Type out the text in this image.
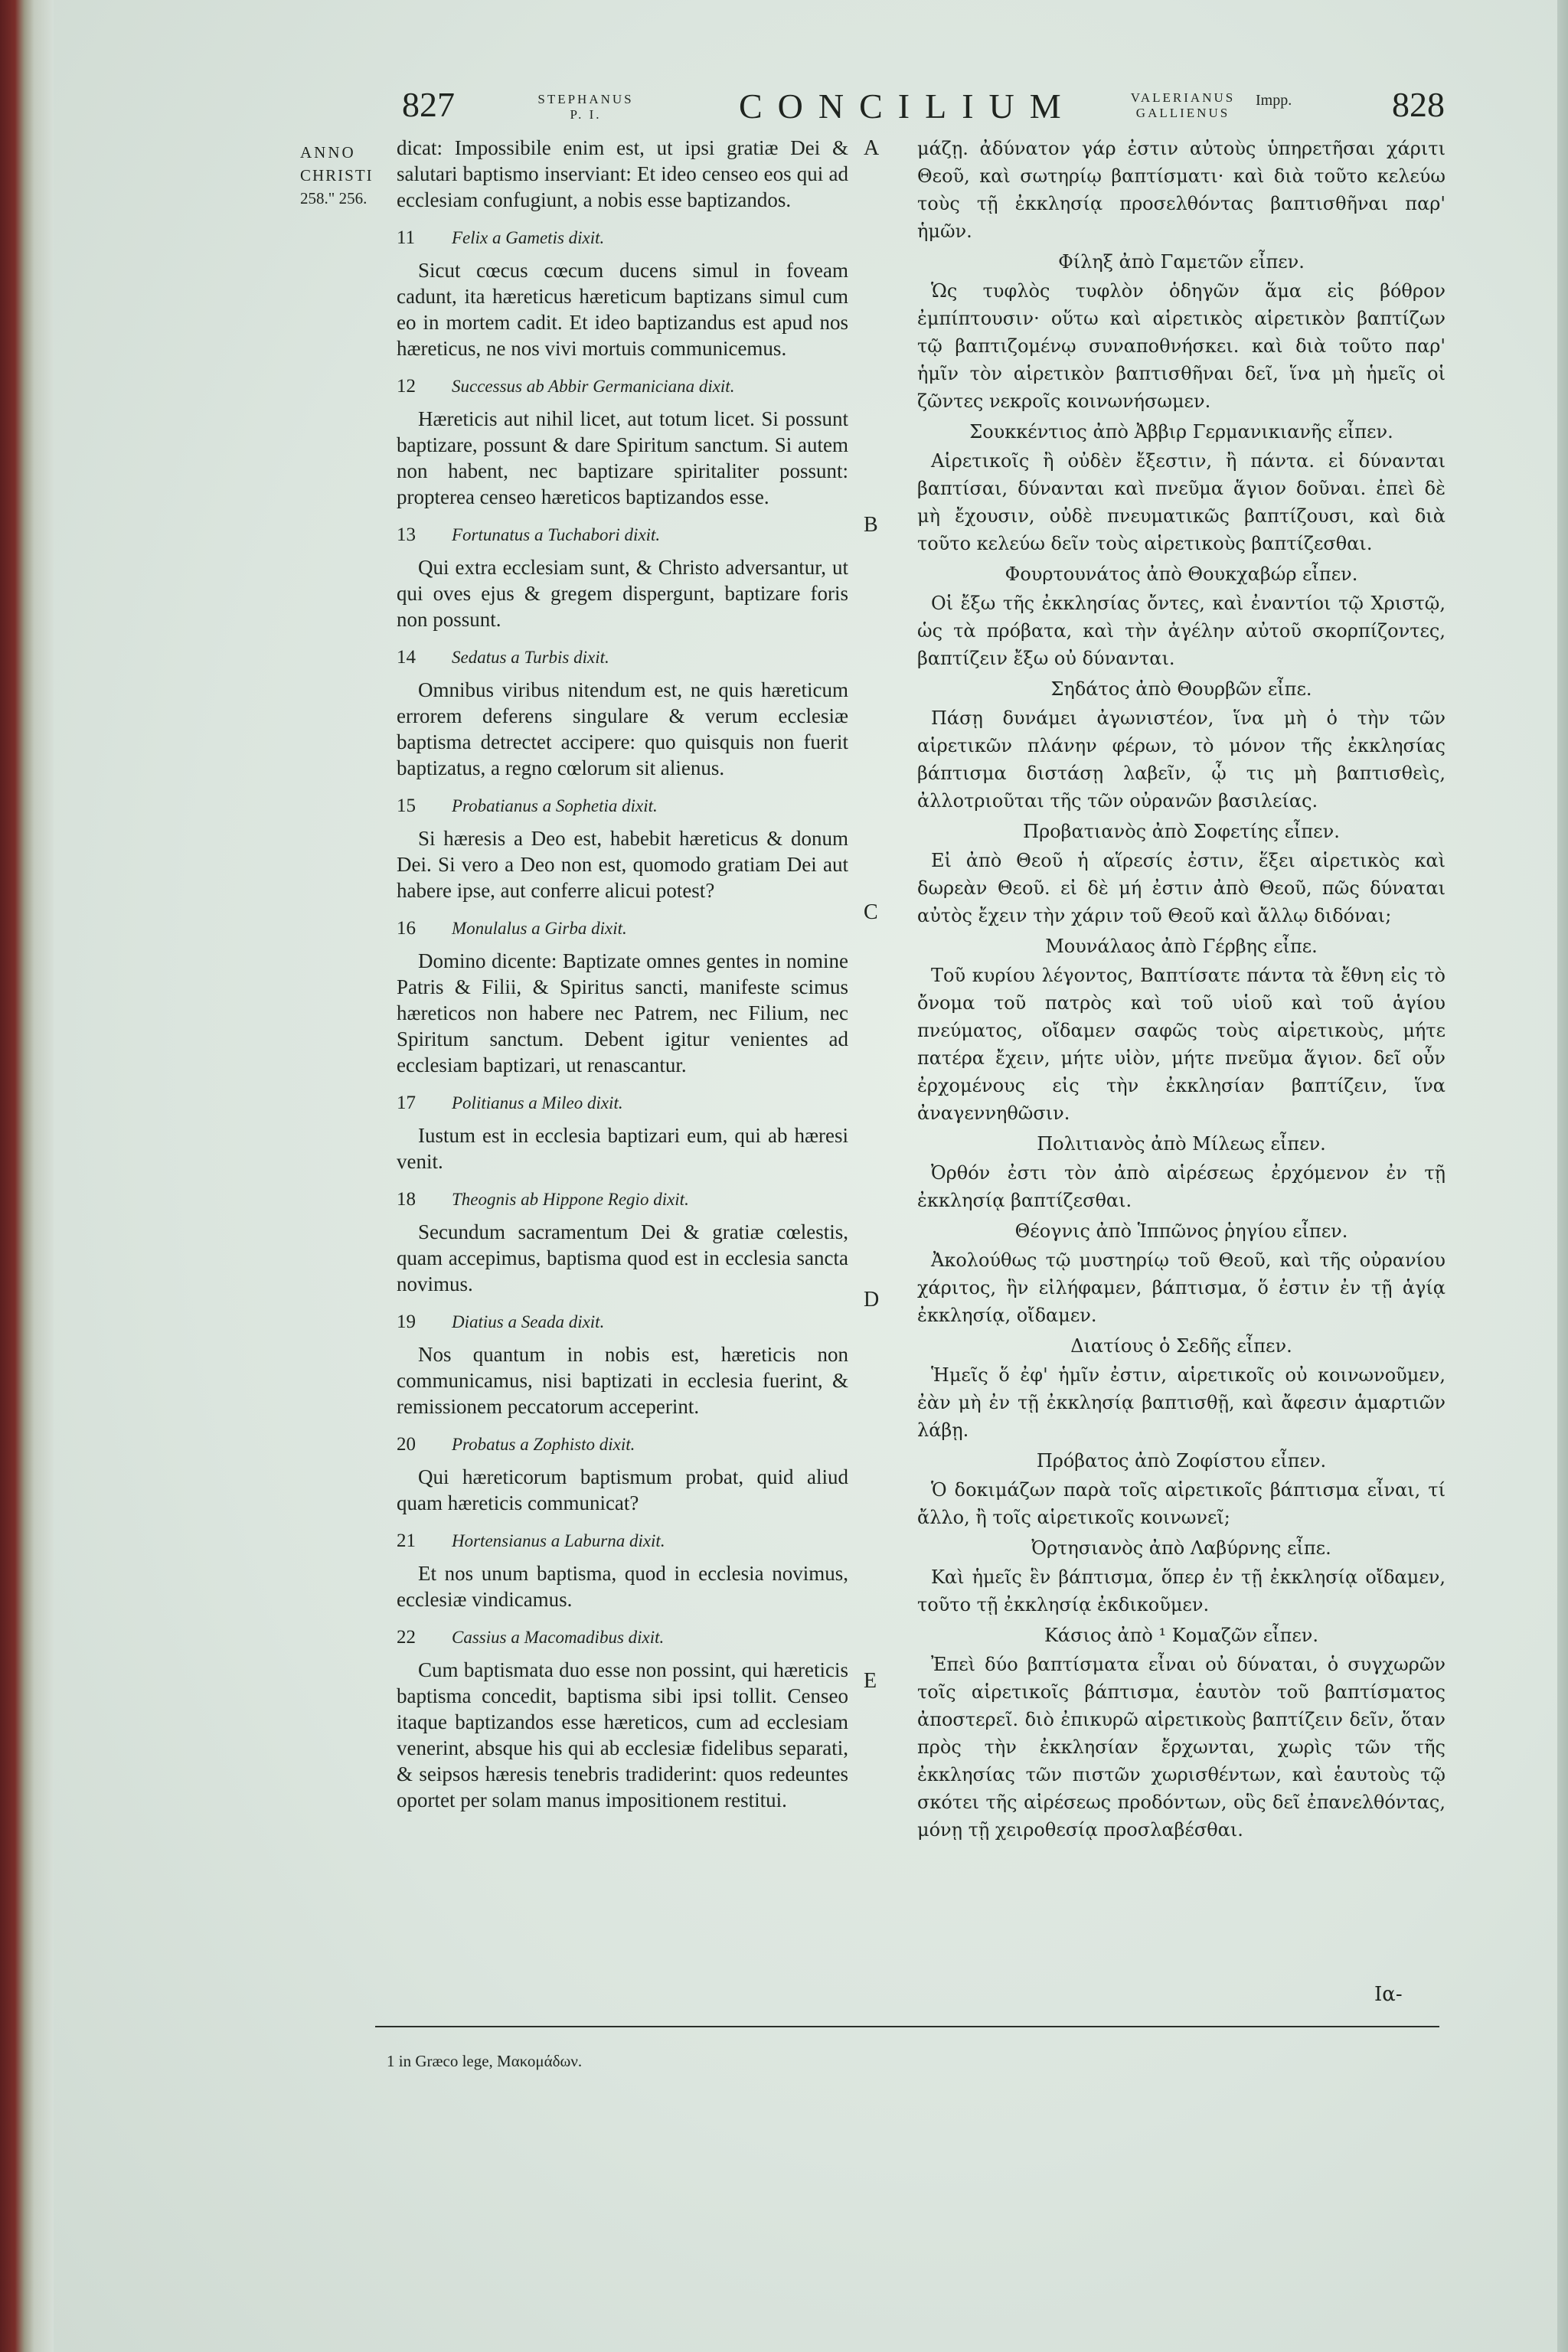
827	STEPHANUS P. I.	CONCILIUM	VALERIANUS GALLIENUS
Impp.	828
ANNO
CHRISTI
258." 256.

dicat: Impossibile enim est, ut ipsi gratiæ Dei & salutari baptismo inserviant: Et ideo censeo eos qui ad ecclesiam confugiunt, a nobis esse baptizandos.

11	Felix a Gametis dixit.

Sicut cœcus cœcum ducens simul in foveam cadunt, ita hæreticus hæreticum baptizans simul cum eo in mortem cadit. Et ideo baptizandus est apud nos hæreticus, ne nos vivi mortuis communicemus.

12	Successus ab Abbir Germaniciana dixit.

Hæreticis aut nihil licet, aut totum licet. Si possunt baptizare, possunt & dare Spiritum sanctum. Si autem non habent, nec baptizare spiritaliter possunt: propterea censeo hæreticos baptizandos esse.

13	Fortunatus a Tuchabori dixit.

Qui extra ecclesiam sunt, & Christo adversantur, ut qui oves ejus & gregem dispergunt, baptizare foris non possunt.

14	Sedatus a Turbis dixit.

Omnibus viribus nitendum est, ne quis hæreticum errorem deferens singulare & verum ecclesiæ baptisma detrectet accipere: quo quisquis non fuerit baptizatus, a regno cœlorum sit alienus.

15	Probatianus a Sophetia dixit.

Si hæresis a Deo est, habebit hæreticus & donum Dei. Si vero a Deo non est, quomodo gratiam Dei aut habere ipse, aut conferre alicui potest?

16	Monulalus a Girba dixit.

Domino dicente: Baptizate omnes gentes in nomine Patris & Filii, & Spiritus sancti, manifeste scimus hæreticos non habere nec Patrem, nec Filium, nec Spiritum sanctum. Debent igitur venientes ad ecclesiam baptizari, ut renascantur.

17	Politianus a Mileo dixit.

Iustum est in ecclesia baptizari eum, qui ab hæresi venit.

18	Theognis ab Hippone Regio dixit.

Secundum sacramentum Dei & gratiæ cœlestis, quam accepimus, baptisma quod est in ecclesia sancta novimus.

19	Diatius a Seada dixit.

Nos quantum in nobis est, hæreticis non communicamus, nisi baptizati in ecclesia fuerint, & remissionem peccatorum acceperint.

20	Probatus a Zophisto dixit.

Qui hæreticorum baptismum probat, quid aliud quam hæreticis communicat?

21	Hortensianus a Laburna dixit.

Et nos unum baptisma, quod in ecclesia novimus, ecclesiæ vindicamus.

22	Cassius a Macomadibus dixit.

Cum baptismata duo esse non possint, qui hæreticis baptisma concedit, baptisma sibi ipsi tollit. Censeo itaque baptizandos esse hæreticos, cum ad ecclesiam venerint, absque his qui ab ecclesiæ fidelibus separati, & seipsos hæresis tenebris tradiderint: quos redeuntes oportet per solam manus impositionem restitui.

A
B
C
D
E

μάζῃ. ἀδύνατον γάρ ἐστιν αὐτοὺς ὑπηρετῆσαι χάριτι Θεοῦ, καὶ σωτηρίῳ βαπτίσματι· καὶ διὰ τοῦτο κελεύω τοὺς τῇ ἐκκλησίᾳ προσελθόντας βαπτισθῆναι παρ' ἡμῶν.

Φίληξ ἀπὸ Γαμετῶν εἶπεν.

Ὡς τυφλὸς τυφλὸν ὁδηγῶν ἅμα εἰς βόθρον ἐμπίπτουσιν· οὕτω καὶ αἱρετικὸς αἱρετικὸν βαπτίζων τῷ βαπτιζομένῳ συναποθνήσκει. καὶ διὰ τοῦτο παρ' ἡμῖν τὸν αἱρετικὸν βαπτισθῆναι δεῖ, ἵνα μὴ ἡμεῖς οἱ ζῶντες νεκροῖς κοινωνήσωμεν.

Σουκκέντιος ἀπὸ Ἀββιρ Γερμανικιανῆς εἶπεν.

Αἱρετικοῖς ἢ οὐδὲν ἔξεστιν, ἢ πάντα. εἰ δύνανται βαπτίσαι, δύνανται καὶ πνεῦμα ἅγιον δοῦναι. ἐπεὶ δὲ μὴ ἔχουσιν, οὐδὲ πνευματικῶς βαπτίζουσι, καὶ διὰ τοῦτο κελεύω δεῖν τοὺς αἱρετικοὺς βαπτίζεσθαι.

Φουρτουνάτος ἀπὸ Θουκχαβώρ εἶπεν.

Οἱ ἔξω τῆς ἐκκλησίας ὄντες, καὶ ἐναντίοι τῷ Χριστῷ, ὡς τὰ πρόβατα, καὶ τὴν ἀγέλην αὐτοῦ σκορπίζοντες, βαπτίζειν ἔξω οὐ δύνανται.

Σηδάτος ἀπὸ Θουρβῶν εἶπε.

Πάσῃ δυνάμει ἀγωνιστέον, ἵνα μὴ ὁ τὴν τῶν αἱρετικῶν πλάνην φέρων, τὸ μόνον τῆς ἐκκλησίας βάπτισμα διστάσῃ λαβεῖν, ᾧ τις μὴ βαπτισθεὶς, ἀλλοτριοῦται τῆς τῶν οὐρανῶν βασιλείας.

Προβατιανὸς ἀπὸ Σοφετίης εἶπεν.

Εἰ ἀπὸ Θεοῦ ἡ αἵρεσίς ἐστιν, ἕξει αἱρετικὸς καὶ δωρεὰν Θεοῦ. εἰ δὲ μή ἐστιν ἀπὸ Θεοῦ, πῶς δύναται αὐτὸς ἔχειν τὴν χάριν τοῦ Θεοῦ καὶ ἄλλῳ διδόναι;

Μουνάλαος ἀπὸ Γέρβης εἶπε.

Τοῦ κυρίου λέγοντος, Βαπτίσατε πάντα τὰ ἔθνη εἰς τὸ ὄνομα τοῦ πατρὸς καὶ τοῦ υἱοῦ καὶ τοῦ ἁγίου πνεύματος, οἴδαμεν σαφῶς τοὺς αἱρετικοὺς, μήτε πατέρα ἔχειν, μήτε υἱὸν, μήτε πνεῦμα ἅγιον. δεῖ οὖν ἐρχομένους εἰς τὴν ἐκκλησίαν βαπτίζειν, ἵνα ἀναγεννηθῶσιν.

Πολιτιανὸς ἀπὸ Μίλεως εἶπεν.

Ὀρθόν ἐστι τὸν ἀπὸ αἱρέσεως ἐρχόμενον ἐν τῇ ἐκκλησίᾳ βαπτίζεσθαι.

Θέογνις ἀπὸ Ἱππῶνος ῥηγίου εἶπεν.

Ἀκολούθως τῷ μυστηρίῳ τοῦ Θεοῦ, καὶ τῆς οὐρανίου χάριτος, ἣν εἰλήφαμεν, βάπτισμα, ὅ ἐστιν ἐν τῇ ἁγίᾳ ἐκκλησίᾳ, οἴδαμεν.

Διατίους ὁ Σεδῆς εἶπεν.

Ἡμεῖς ὅ ἐφ' ἡμῖν ἐστιν, αἱρετικοῖς οὐ κοινωνοῦμεν, ἐὰν μὴ ἐν τῇ ἐκκλησίᾳ βαπτισθῇ, καὶ ἄφεσιν ἁμαρτιῶν λάβῃ.

Πρόβατος ἀπὸ Ζοφίστου εἶπεν.

Ὁ δοκιμάζων παρὰ τοῖς αἱρετικοῖς βάπτισμα εἶναι, τί ἄλλο, ἢ τοῖς αἱρετικοῖς κοινωνεῖ;

Ὀρτησιανὸς ἀπὸ Λαβύρνης εἶπε.

Καὶ ἡμεῖς ἓν βάπτισμα, ὅπερ ἐν τῇ ἐκκλησίᾳ οἴδαμεν, τοῦτο τῇ ἐκκλησίᾳ ἐκδικοῦμεν.

Κάσιος ἀπὸ ¹ Κομαζῶν εἶπεν.

Ἐπεὶ δύο βαπτίσματα εἶναι οὐ δύναται, ὁ συγχωρῶν τοῖς αἱρετικοῖς βάπτισμα, ἑαυτὸν τοῦ βαπτίσματος ἀποστερεῖ. διὸ ἐπικυρῶ αἱρετικοὺς βαπτίζειν δεῖν, ὅταν πρὸς τὴν ἐκκλησίαν ἔρχωνται, χωρὶς τῶν τῆς ἐκκλησίας τῶν πιστῶν χωρισθέντων, καὶ ἑαυτοὺς τῷ σκότει τῆς αἱρέσεως προδόντων, οὓς δεῖ ἐπανελθόντας, μόνῃ τῇ χειροθεσίᾳ προσλαβέσθαι.

Ια-
1 in Græco lege, Μακομάδων.
